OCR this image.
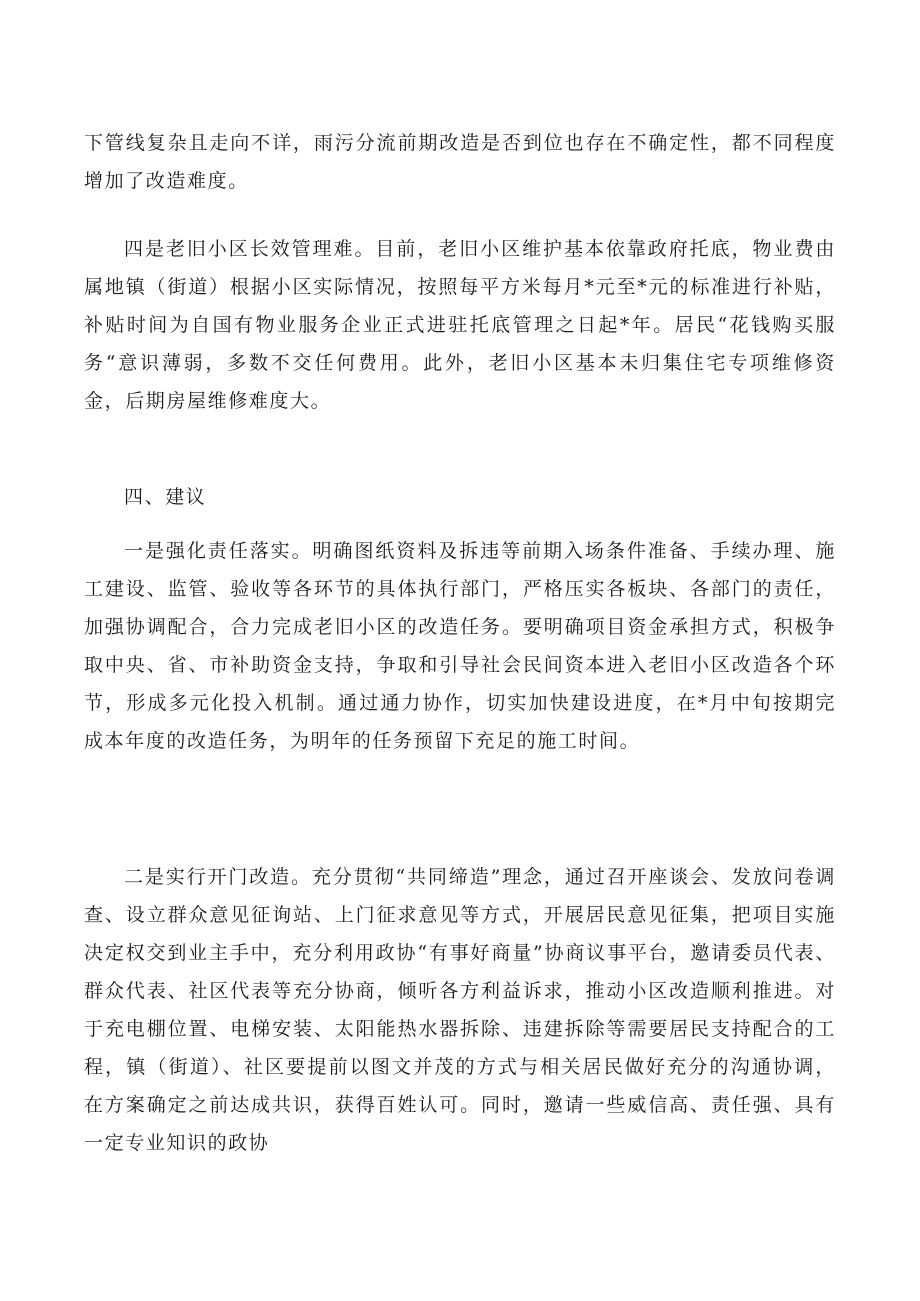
下管线复杂且走向不详，雨污分流前期改造是否到位也存在不确定性，都不同程度增加了改造难度。

四是老旧小区长效管理难。目前，老旧小区维护基本依靠政府托底，物业费由属地镇（街道）根据小区实际情况，按照每平方米每月*元至*元的标准进行补贴，补贴时间为自国有物业服务企业正式进驻托底管理之日起*年。居民“花钱购买服务“意识薄弱，多数不交任何费用。此外，老旧小区基本未归集住宅专项维修资金，后期房屋维修难度大。

四、建议

一是强化责任落实。明确图纸资料及拆违等前期入场条件准备、手续办理、施工建设、监管、验收等各环节的具体执行部门，严格压实各板块、各部门的责任，加强协调配合，合力完成老旧小区的改造任务。要明确项目资金承担方式，积极争取中央、省、市补助资金支持，争取和引导社会民间资本进入老旧小区改造各个环节，形成多元化投入机制。通过通力协作，切实加快建设进度，在*月中旬按期完成本年度的改造任务，为明年的任务预留下充足的施工时间。

二是实行开门改造。充分贯彻“共同缔造”理念，通过召开座谈会、发放问卷调查、设立群众意见征询站、上门征求意见等方式，开展居民意见征集，把项目实施决定权交到业主手中，充分利用政协“有事好商量”协商议事平台，邀请委员代表、群众代表、社区代表等充分协商，倾听各方利益诉求，推动小区改造顺利推进。对于充电棚位置、电梯安装、太阳能热水器拆除、违建拆除等需要居民支持配合的工程，镇（街道）、社区要提前以图文并茂的方式与相关居民做好充分的沟通协调，在方案确定之前达成共识，获得百姓认可。同时，邀请一些威信高、责任强、具有一定专业知识的政协
